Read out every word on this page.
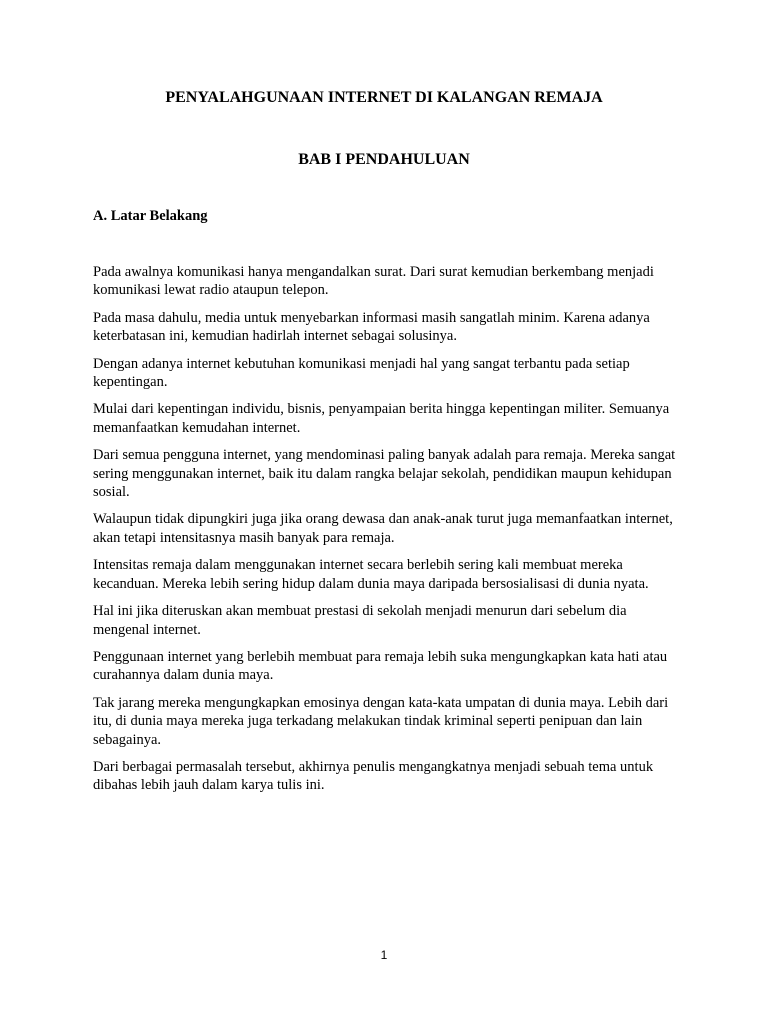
PENYALAHGUNAAN INTERNET DI KALANGAN REMAJA
BAB I PENDAHULUAN
A. Latar Belakang

Pada awalnya komunikasi hanya mengandalkan surat. Dari surat kemudian berkembang menjadi komunikasi lewat radio ataupun telepon.

Pada masa dahulu, media untuk menyebarkan informasi masih sangatlah minim. Karena adanya keterbatasan ini, kemudian hadirlah internet sebagai solusinya.

Dengan adanya internet kebutuhan komunikasi menjadi hal yang sangat terbantu pada setiap kepentingan.

Mulai dari kepentingan individu, bisnis, penyampaian berita hingga kepentingan militer. Semuanya memanfaatkan kemudahan internet.

Dari semua pengguna internet, yang mendominasi paling banyak adalah para remaja. Mereka sangat sering menggunakan internet, baik itu dalam rangka belajar sekolah, pendidikan maupun kehidupan sosial.

Walaupun tidak dipungkiri juga jika orang dewasa dan anak-anak turut juga memanfaatkan internet, akan tetapi intensitasnya masih banyak para remaja.

Intensitas remaja dalam menggunakan internet secara berlebih sering kali membuat mereka kecanduan. Mereka lebih sering hidup dalam dunia maya daripada bersosialisasi di dunia nyata.

Hal ini jika diteruskan akan membuat prestasi di sekolah menjadi menurun dari sebelum dia mengenal internet.

Penggunaan internet yang berlebih membuat para remaja lebih suka mengungkapkan kata hati atau curahannya dalam dunia maya.

Tak jarang mereka mengungkapkan emosinya dengan kata-kata umpatan di dunia maya. Lebih dari itu, di dunia maya mereka juga terkadang melakukan tindak kriminal seperti penipuan dan lain sebagainya.

Dari berbagai permasalah tersebut, akhirnya penulis mengangkatnya menjadi sebuah tema untuk dibahas lebih jauh dalam karya tulis ini.

1
